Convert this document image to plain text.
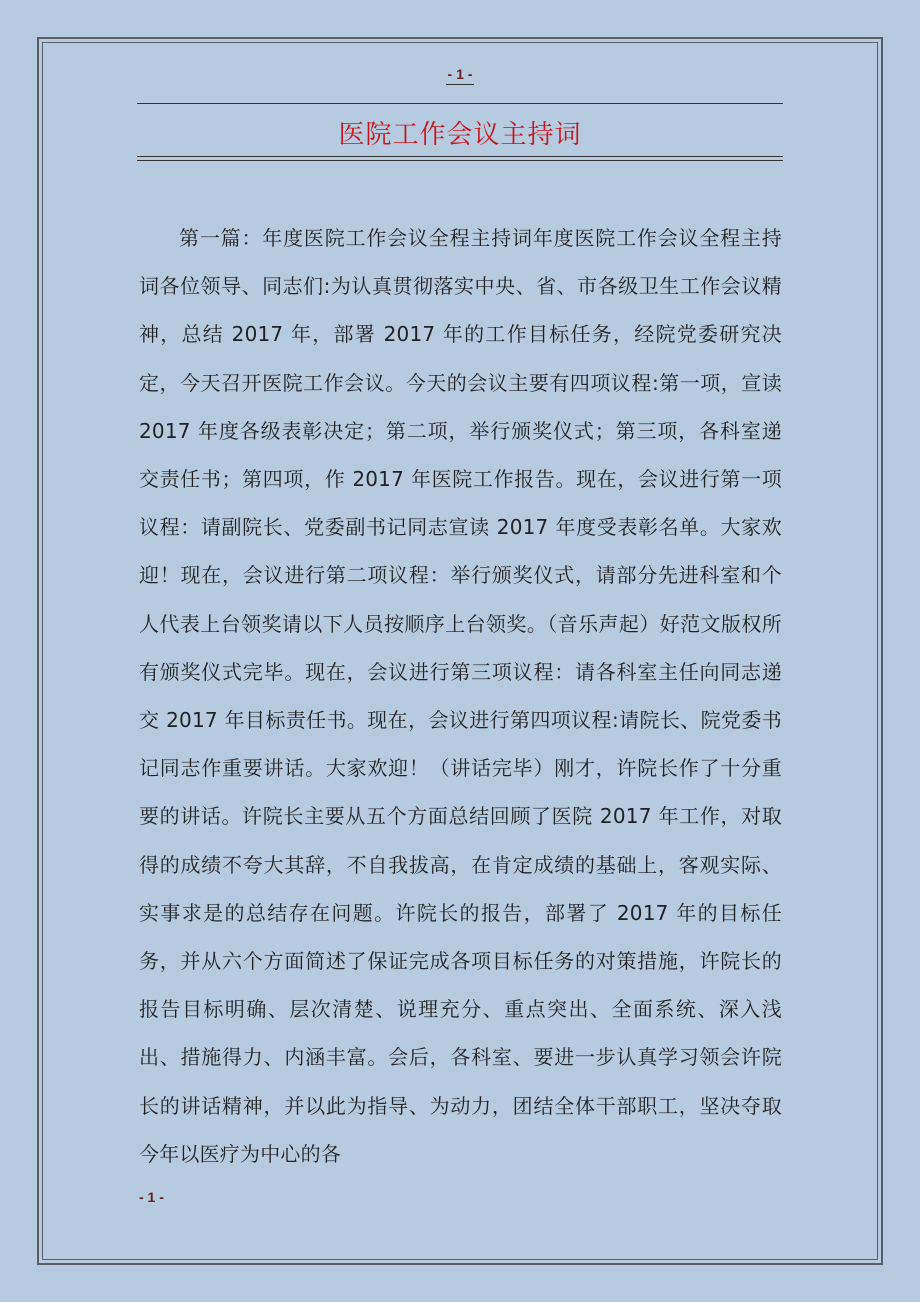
- 1 -
医院工作会议主持词

第一篇：年度医院工作会议全程主持词年度医院工作会议全程主持词各位领导、同志们:为认真贯彻落实中央、省、市各级卫生工作会议精神，总结 2017 年，部署 2017 年的工作目标任务，经院党委研究决定，今天召开医院工作会议。今天的会议主要有四项议程:第一项，宣读 2017 年度各级表彰决定；第二项，举行颁奖仪式；第三项，各科室递交责任书；第四项，作 2017 年医院工作报告。现在，会议进行第一项议程：请副院长、党委副书记同志宣读 2017 年度受表彰名单。大家欢迎！现在，会议进行第二项议程：举行颁奖仪式，请部分先进科室和个人代表上台领奖请以下人员按顺序上台领奖。（音乐声起）好范文版权所有颁奖仪式完毕。现在，会议进行第三项议程：请各科室主任向同志递交 2017 年目标责任书。现在，会议进行第四项议程:请院长、院党委书记同志作重要讲话。大家欢迎！（讲话完毕）刚才，许院长作了十分重要的讲话。许院长主要从五个方面总结回顾了医院 2017 年工作，对取得的成绩不夸大其辞，不自我拔高，在肯定成绩的基础上，客观实际、实事求是的总结存在问题。许院长的报告，部署了 2017 年的目标任务，并从六个方面简述了保证完成各项目标任务的对策措施，许院长的报告目标明确、层次清楚、说理充分、重点突出、全面系统、深入浅出、措施得力、内涵丰富。会后，各科室、要进一步认真学习领会许院长的讲话精神，并以此为指导、为动力，团结全体干部职工，坚决夺取今年以医疗为中心的各

- 1 -
